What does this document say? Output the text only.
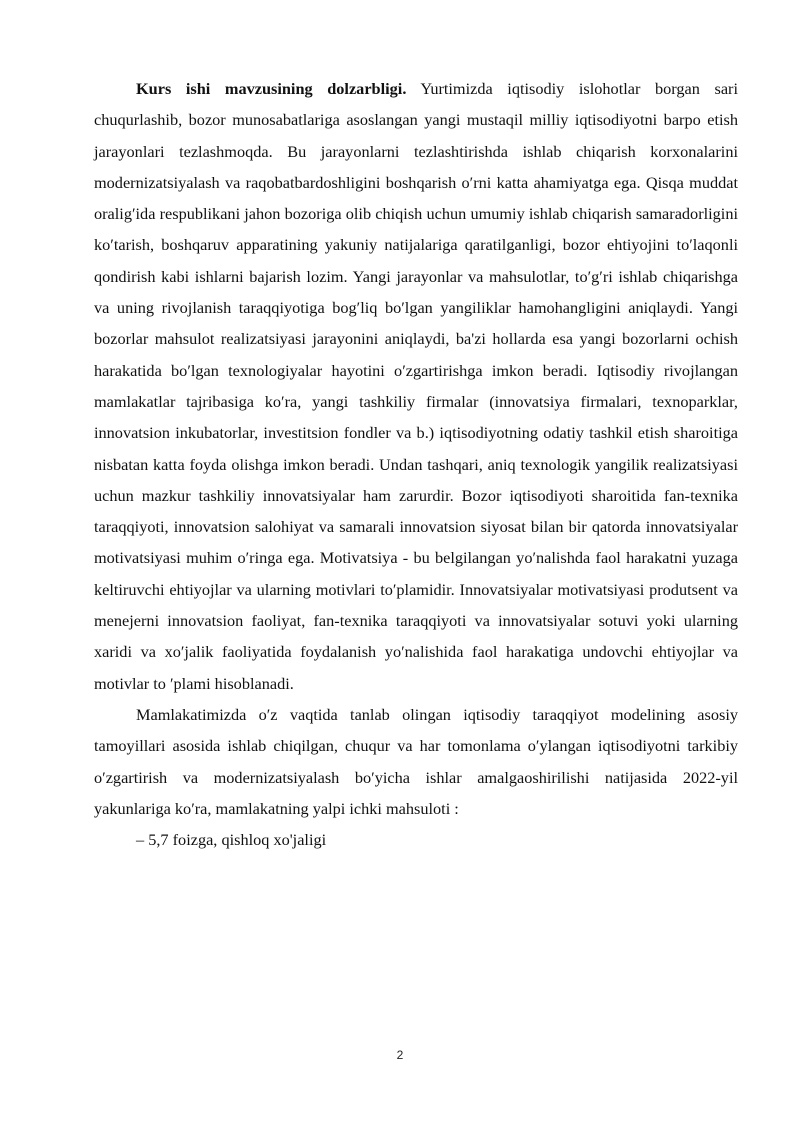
Kurs ishi mavzusining dolzarbligi. Yurtimizda iqtisodiy islohotlar borgan sari chuqurlashib, bozor munosabatlariga asoslangan yangi mustaqil milliy iqtisodiyotni barpo etish jarayonlari tezlashmoqda. Bu jarayonlarni tezlashtirishda ishlab chiqarish korxonalarini modernizatsiyalash va raqobatbardoshligini boshqarish o′rni katta ahamiyatga ega. Qisqa muddat oralig′ida respublikani jahon bozoriga olib chiqish uchun umumiy ishlab chiqarish samaradorligini ko′tarish, boshqaruv apparatining yakuniy natijalariga qaratilganligi, bozor ehtiyojini to′laqonli qondirish kabi ishlarni bajarish lozim. Yangi jarayonlar va mahsulotlar, to′g′ri ishlab chiqarishga va uning rivojlanish taraqqiyotiga bog′liq bo′lgan yangiliklar hamohangligini aniqlaydi. Yangi bozorlar mahsulot realizatsiyasi jarayonini aniqlaydi, ba'zi hollarda esa yangi bozorlarni ochish harakatida bo′lgan texnologiyalar hayotini o′zgartirishga imkon beradi. Iqtisodiy rivojlangan mamlakatlar tajribasiga ko′ra, yangi tashkiliy firmalar (innovatsiya firmalari, texnoparklar, innovatsion inkubatorlar, investitsion fondler va b.) iqtisodiyotning odatiy tashkil etish sharoitiga nisbatan katta foyda olishga imkon beradi. Undan tashqari, aniq texnologik yangilik realizatsiyasi uchun mazkur tashkiliy innovatsiyalar ham zarurdir. Bozor iqtisodiyoti sharoitida fan-texnika taraqqiyoti, innovatsion salohiyat va samarali innovatsion siyosat bilan bir qatorda innovatsiyalar motivatsiyasi muhim o′ringa ega. Motivatsiya - bu belgilangan yo′nalishda faol harakatni yuzaga keltiruvchi ehtiyojlar va ularning motivlari to′plamidir. Innovatsiyalar motivatsiyasi produtsent va menejerni innovatsion faoliyat, fan-texnika taraqqiyoti va innovatsiyalar sotuvi yoki ularning xaridi va xo′jalik faoliyatida foydalanish yo′nalishida faol harakatiga undovchi ehtiyojlar va motivlar to ′plami hisoblanadi.

Mamlakatimizda o′z vaqtida tanlab olingan iqtisodiy taraqqiyot modelining asosiy tamoyillari asosida ishlab chiqilgan, chuqur va har tomonlama o′ylangan iqtisodiyotni tarkibiy o′zgartirish va modernizatsiyalash bo′yicha ishlar amalgaoshirilishi natijasida 2022-yil yakunlariga ko′ra, mamlakatning yalpi ichki mahsuloti :

– 5,7 foizga, qishloq xo'jaligi

2
